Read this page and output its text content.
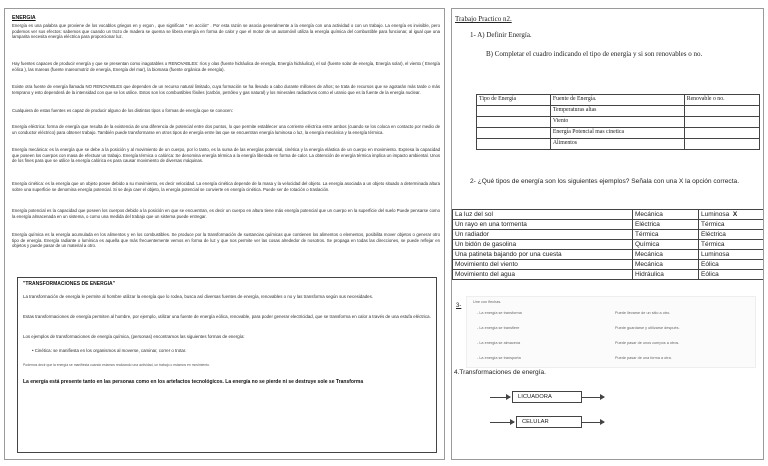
ENERGIA
Energía es una palabra que proviene de los vocablos griegos en y ergon , que significan " en acción" . Por esta razón se asocia generalmente a la energía con una actividad o con un trabajo. La energía es invisible, pero podemos ver sus efectos: sabemos que cuando un trozo de madera se quema se libera energía en forma de calor y que el motor de un automóvil utiliza la energía química del combustible para funcionar, al igual que una lamparita necesita energía eléctrica para proporcionar luz.
Hay fuentes capaces de producir energía y que se presentan como inagotables o RENOVABLES: ríos y olas (fuente hidráulica de energía, Energía hidráulica), el sol (fuente solar de energía, Energía solar), el viento ( Energía eólica ), las mareas (fuente mareomotriz de energía, Energía del mar), la biomasa (fuente orgánica de energía).
Existe otra fuente de energía llamada NO RENOVABLES que dependen de un recurso natural limitado, cuya formación se ha llevado a cabo durante millones de años; se trata de recursos que se agotarán más tarde o más temprano y esto dependerá de la intensidad con que se los utilice. Estos son los combustibles fósiles (carbón, petróleo y gas natural) y los minerales radiactivos como el uranio que es la fuente de la energía nuclear.
Cualquiera de estas fuentes es capaz de producir alguno de los distintos tipos o formas de energía que se conocen:
Energía eléctrica: forma de energía que resulta de la existencia de una diferencia de potencial entre dos puntos, lo que permite establecer una corriente eléctrica entre ambos (cuando se los coloca en contacto por medio de un conductor eléctrico) para obtener trabajo. También puede transformarse en otros tipos de energía entre las que se encuentran energía luminosa o luz, la energía mecánica y la energía térmica.
Energía mecánica: es la energía que se debe a la posición y al movimiento de un cuerpo, por lo tanto, es la suma de las energías potencial, cinética y la energía elástica de un cuerpo en movimiento. Expresa la capacidad que poseen los cuerpos con masa de efectuar un trabajo. Energía térmica o calórica: Se denomina energía térmica a la energía liberada en forma de calor. La obtención de energía térmica implica un impacto ambiental. Unos de los fines para que se utilice la energía calórica es para causar movimiento de diversas máquinas.
Energía cinética: es la energía que un objeto posee debido a su movimiento, es decir velocidad. La energía cinética depende de la masa y la velocidad del objeto. La energía asociada a un objeto situado a determinada altura sobre una superficie se denomina energía potencial. Si se deja caer el objeto, la energía potencial se convierte en energía cinética. Puede ser de rotación o traslación.
Energía potencial es la capacidad que poseen los cuerpos debido a la posición en que se encuentran, es decir un cuerpo en altura tiene más energía potencial que un cuerpo en la superficie del suelo Puede pensarse como la energía almacenada en un sistema, o como una medida del trabajo que un sistema puede entregar.
Energía química es la energía acumulada en los alimentos y en los combustibles. Se produce por la transformación de sustancias químicas que contienen los alimentos o elementos, posibilita mover objetos o generar otro tipo de energía. Energía radiante o lumínica es aquella que más frecuentemente vemos en forma de luz y que nos permite ver las cosas alrededor de nosotros. Se propaga en todas las direcciones, se puede reflejar en objetos y puede pasar de un material a otro.
"TRANSFORMACIONES DE ENERGIA"
La transformación de energía le permite al hombre utilizar la energía que lo rodea, busca así diversas fuentes de energía, renovables o no y las transforma según sus necesidades.
Estas transformaciones de energía permiten al hombre, por ejemplo, utilizar una fuente de energía eólica, renovable, para poder generar electricidad, que se transforma en calor a través de una estufa eléctrica.
Los ejemplos de transformaciones de energía química, (personas) encontramos las siguientes formas de energía:
• Cinética: se manifiesta en los organismos al moverse, caminar, correr o trotar.
Podemos decir que la energía se manifiesta cuando estamos realizando una actividad, un trabajo o estamos en movimiento.
La energía está presente tanto en las personas como en los artefactos tecnológicos. La energía no se pierde ni se destruye sole se Transforma
Trabajo Practico n2.
1- A) Definir Energía.
B) Completar el cuadro indicando el tipo de energía y si son renovables o no.
Tipo de Energía	Fuente de Energía.	Renovable o no.
	Temperaturas altas	
	Viento	
	Energía Potencial mas cinetica	
	Alimentos	
2- ¿Qué tipos de energía son los siguientes ejemplos? Señala con una X la opción correcta.
La luz del sol	Mecánica	Luminosa X
Un rayo en una tormenta	Eléctrica	Térmica
Un radiador	Térmica	Eléctrica
Un bidón de gasolina	Química	Térmica
Una patineta bajando por una cuesta	Mecánica	Luminosa
Movimiento del viento	Mecánica	Eólica
Movimiento del agua	Hidráulica	Eólica
3-
Une con flechas.
- La energía se transforma	Puede llevarse de un sitio a otro.
- La energía se transfiere	Puede guardarse y utilizarse después.
- La energía se almacena	Puede pasar de unos cuerpos a otros.
- La energía se transporta	Puede pasar de una forma a otra.
4.Transformaciones de energía.
LICUADORA
CELULAR
